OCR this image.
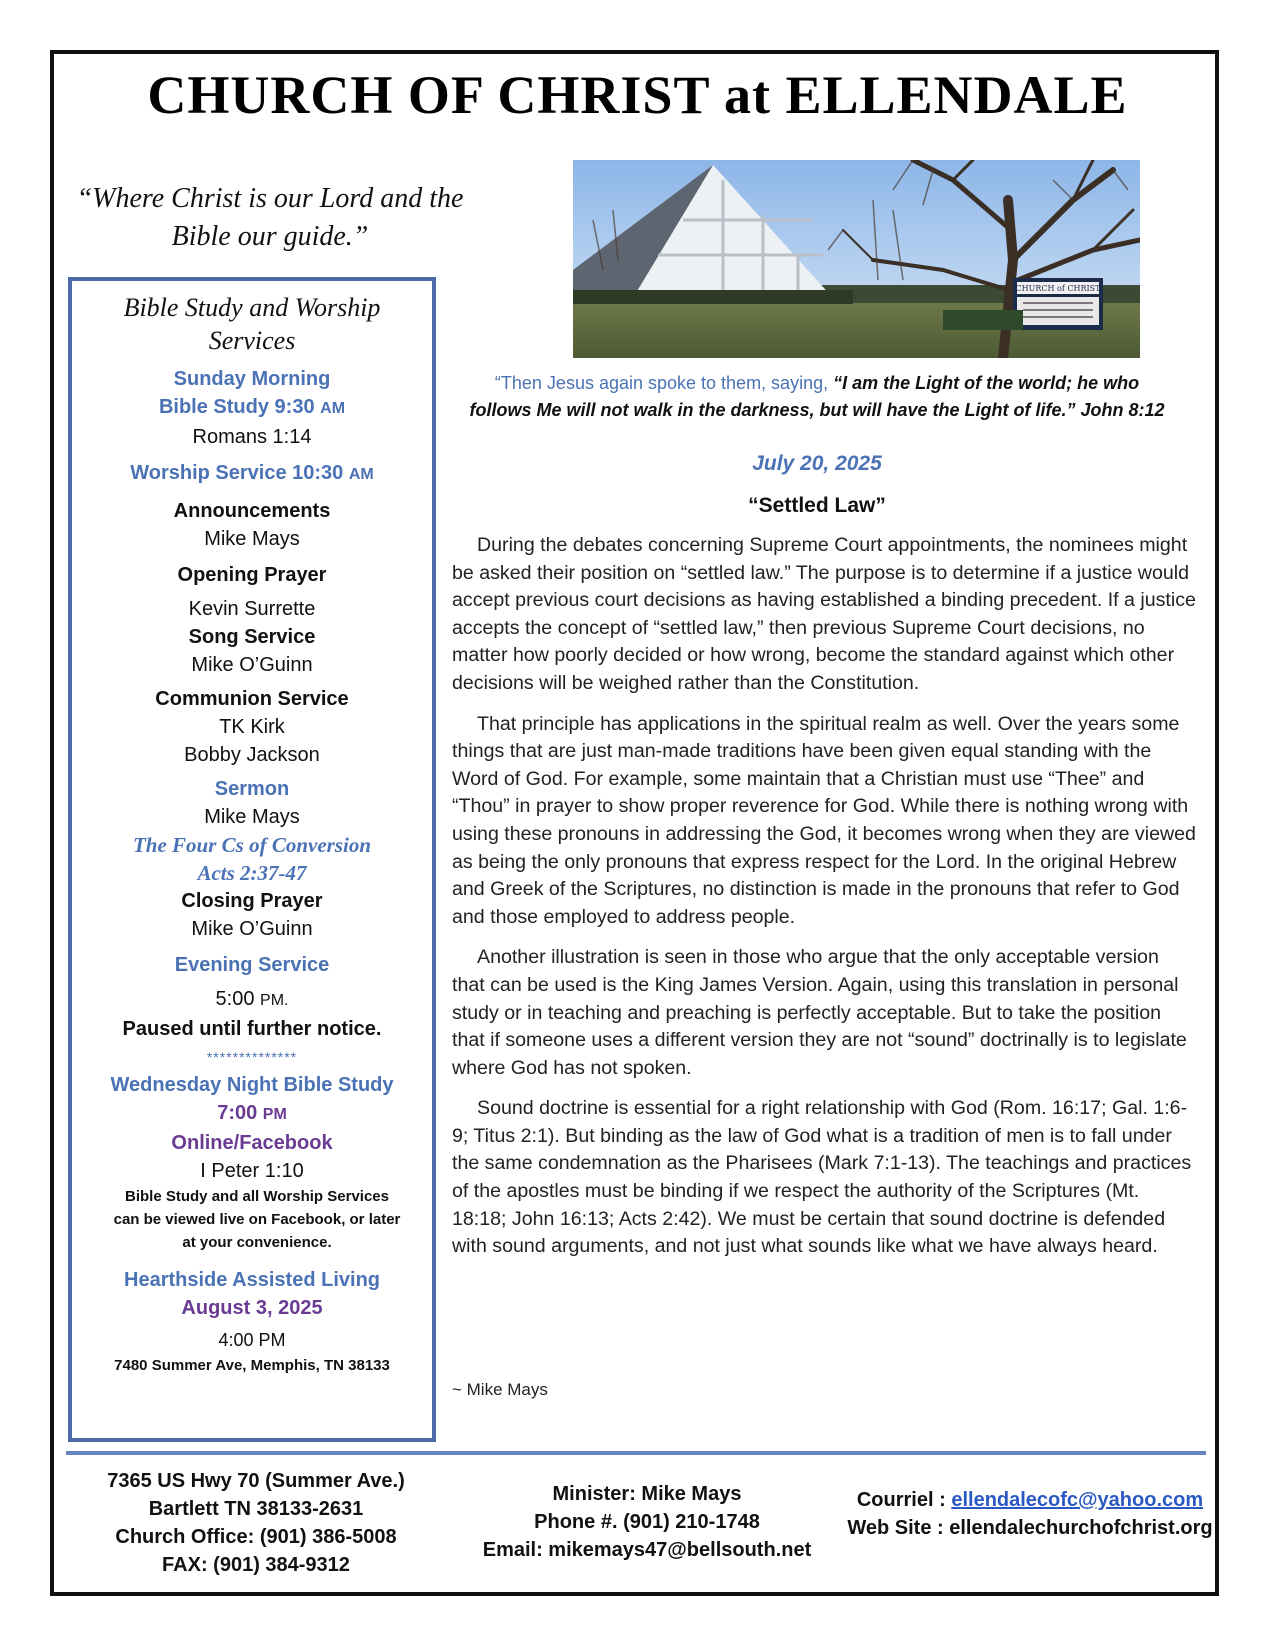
CHURCH OF CHRIST at ELLENDALE
“Where Christ is our Lord and the
Bible our guide.”
Bible Study and Worship
Services
Sunday Morning
Bible Study 9:30 AM
Romans 1:14
Worship Service 10:30 AM
Announcements
Mike Mays
Opening Prayer
Kevin Surrette
Song Service
Mike O’Guinn
Communion Service
TK Kirk
Bobby Jackson
Sermon
Mike Mays
The Four Cs of Conversion
Acts 2:37-47
Closing Prayer
Mike O’Guinn
Evening Service
5:00 PM.
Paused until further notice.
**************
Wednesday Night Bible Study
7:00 PM
Online/Facebook
I Peter 1:10
Bible Study and all Worship Services
can be viewed live on Facebook, or later
at your convenience.
Hearthside Assisted Living
August 3, 2025
4:00 PM
7480 Summer Ave, Memphis, TN 38133
CHURCH of CHRIST
“Then Jesus again spoke to them, saying, “I am the Light of the world; he who
follows Me will not walk in the darkness, but will have the Light of life.” John 8:12
July 20, 2025
“Settled Law”

During the debates concerning Supreme Court appointments, the nominees might be asked their position on “settled law.” The purpose is to determine if a justice would accept previous court decisions as having established a binding precedent. If a justice accepts the concept of “settled law,” then previous Supreme Court decisions, no matter how poorly decided or how wrong, become the standard against which other decisions will be weighed rather than the Constitution.

That principle has applications in the spiritual realm as well. Over the years some things that are just man-made traditions have been given equal standing with the Word of God. For example, some maintain that a Christian must use “Thee” and “Thou” in prayer to show proper reverence for God. While there is nothing wrong with using these pronouns in addressing the God, it becomes wrong when they are viewed as being the only pronouns that express respect for the Lord. In the original Hebrew and Greek of the Scriptures, no distinction is made in the pronouns that refer to God and those employed to address people.

Another illustration is seen in those who argue that the only acceptable version that can be used is the King James Version. Again, using this translation in personal study or in teaching and preaching is perfectly acceptable. But to take the position that if someone uses a different version they are not “sound” doctrinally is to legislate where God has not spoken.

Sound doctrine is essential for a right relationship with God (Rom. 16:17; Gal. 1:6-9; Titus 2:1). But binding as the law of God what is a tradition of men is to fall under the same condemnation as the Pharisees (Mark 7:1-13). The teachings and practices of the apostles must be binding if we respect the authority of the Scriptures (Mt. 18:18; John 16:13; Acts 2:42). We must be certain that sound doctrine is defended with sound arguments, and not just what sounds like what we have always heard.

~ Mike Mays
7365 US Hwy 70 (Summer Ave.)
Bartlett TN 38133-2631
Church Office: (901) 386-5008
FAX: (901) 384-9312
Minister: Mike Mays
Phone #. (901) 210-1748
Email: mikemays47@bellsouth.net
Courriel : ellendalecofc@yahoo.com
Web Site : ellendalechurchofchrist.org
